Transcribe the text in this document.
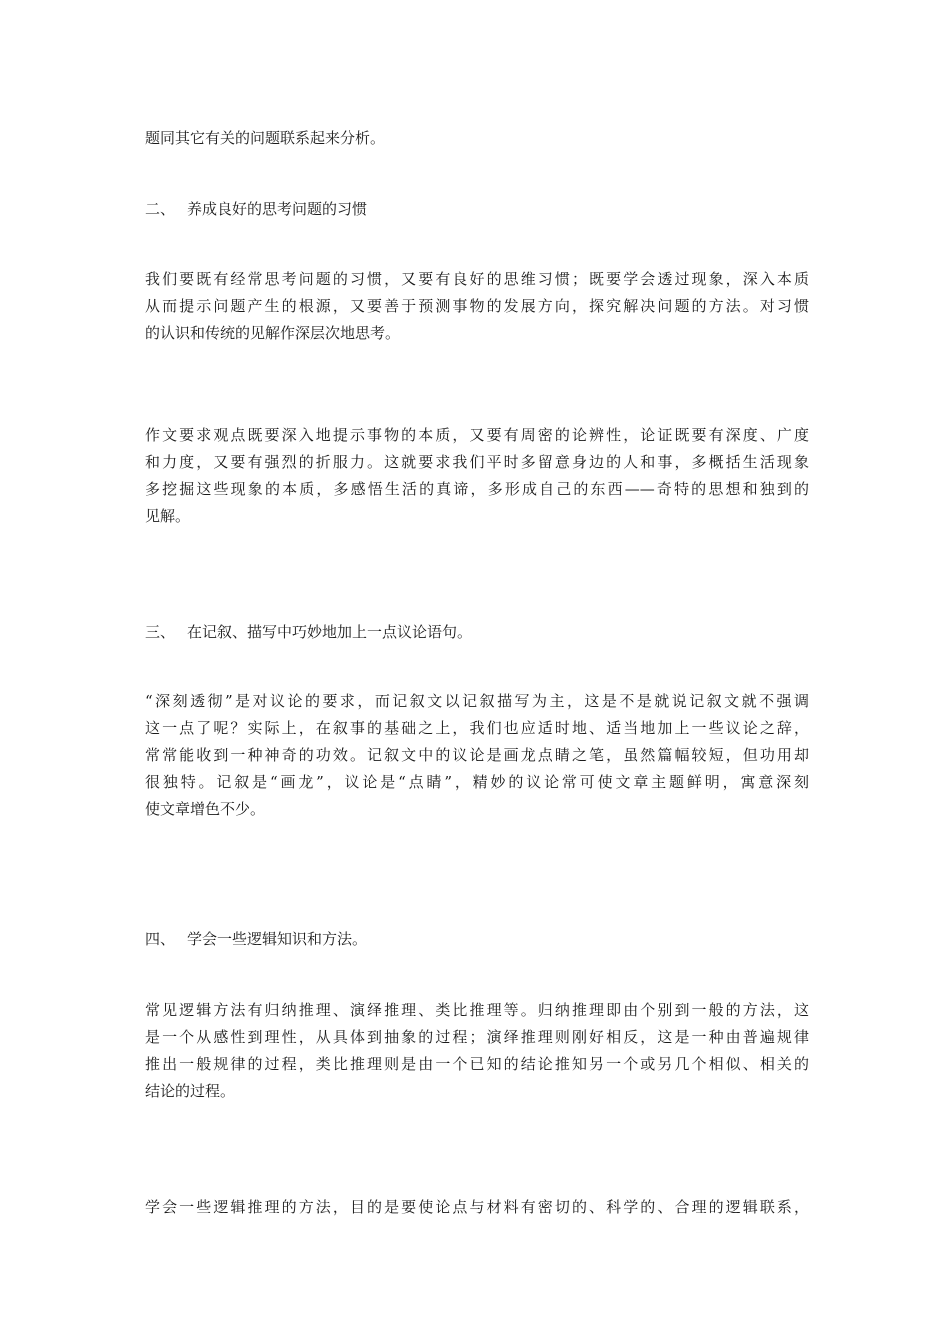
题同其它有关的问题联系起来分析。
二、 养成良好的思考问题的习惯
我们要既有经常思考问题的习惯，又要有良好的思维习惯；既要学会透过现象，深入本质
从而提示问题产生的根源，又要善于预测事物的发展方向，探究解决问题的方法。对习惯
的认识和传统的见解作深层次地思考。
作文要求观点既要深入地提示事物的本质，又要有周密的论辨性，论证既要有深度、广度
和力度，又要有强烈的折服力。这就要求我们平时多留意身边的人和事，多概括生活现象
多挖掘这些现象的本质，多感悟生活的真谛，多形成自己的东西——奇特的思想和独到的
见解。
三、 在记叙、描写中巧妙地加上一点议论语句。
“深刻透彻”是对议论的要求，而记叙文以记叙描写为主，这是不是就说记叙文就不强调
这一点了呢？实际上，在叙事的基础之上，我们也应适时地、适当地加上一些议论之辞，
常常能收到一种神奇的功效。记叙文中的议论是画龙点睛之笔，虽然篇幅较短，但功用却
很独特。记叙是“画龙”，议论是“点睛”，精妙的议论常可使文章主题鲜明，寓意深刻
使文章增色不少。
四、 学会一些逻辑知识和方法。
常见逻辑方法有归纳推理、演绎推理、类比推理等。归纳推理即由个别到一般的方法，这
是一个从感性到理性，从具体到抽象的过程；演绎推理则刚好相反，这是一种由普遍规律
推出一般规律的过程，类比推理则是由一个已知的结论推知另一个或另几个相似、相关的
结论的过程。
学会一些逻辑推理的方法，目的是要使论点与材料有密切的、科学的、合理的逻辑联系，
